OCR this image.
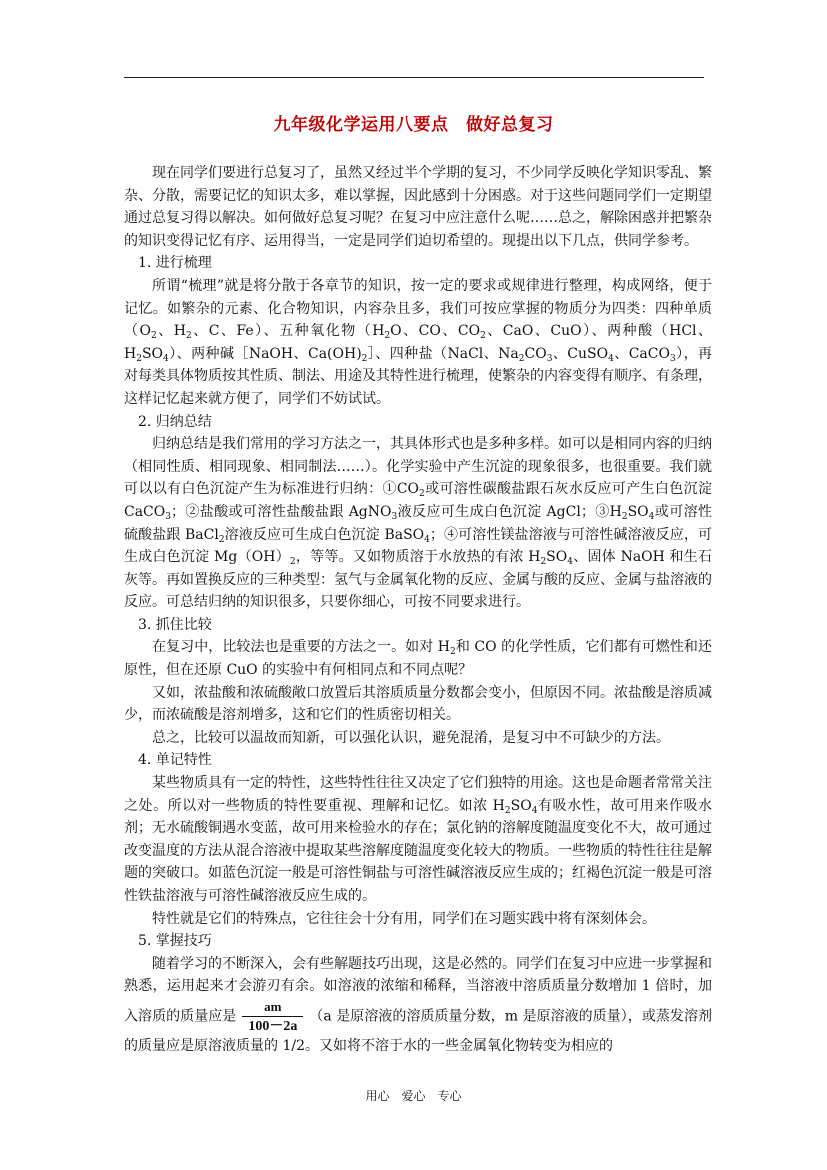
九年级化学运用八要点　做好总复习

现在同学们要进行总复习了，虽然又经过半个学期的复习，不少同学反映化学知识零乱、繁杂、分散，需要记忆的知识太多，难以掌握，因此感到十分困惑。对于这些问题同学们一定期望通过总复习得以解决。如何做好总复习呢？在复习中应注意什么呢……总之，解除困惑并把繁杂的知识变得记忆有序、运用得当，一定是同学们迫切希望的。现提出以下几点，供同学参考。

1. 进行梳理

所谓“梳理”就是将分散于各章节的知识，按一定的要求或规律进行整理，构成网络，便于记忆。如繁杂的元素、化合物知识，内容杂且多，我们可按应掌握的物质分为四类：四种单质（$O_2$、$H_2$、C、Fe）、五种氧化物（$H_2O$、CO、$CO_2$、CaO、CuO）、两种酸（HCl、$H_2SO_4$）、两种碱［NaOH、$Ca(OH)_2]$、四种盐（NaCl、$Na_2CO_3$、CuSO$_4$、CaCO$_3$），再对每类具体物质按其性质、制法、用途及其特性进行梳理，使繁杂的内容变得有顺序、有条理，这样记忆起来就方便了，同学们不妨试试。

2. 归纳总结

归纳总结是我们常用的学习方法之一，其具体形式也是多种多样。如可以是相同内容的归纳（相同性质、相同现象、相同制法……）。化学实验中产生沉淀的现象很多，也很重要。我们就可以以有白色沉淀产生为标准进行归纳：$①CO_2$或可溶性碳酸盐跟石灰水反应可产生白色沉淀 CaCO$_3$；②盐酸或可溶性盐酸盐跟 AgNO$_3$液反应可生成白色沉淀 AgCl；$③H_2SO_4$或可溶性硫酸盐跟 BaCl$_2$溶液反应可生成白色沉淀 BaSO$_4$；④可溶性镁盐溶液与可溶性碱溶液反应，可生成白色沉淀 $Mg(OH)_2$，等等。又如物质溶于水放热的有浓 $H_2SO_4$、固体 NaOH 和生石灰等。再如置换反应的三种类型：氢气与金属氧化物的反应、金属与酸的反应、金属与盐溶液的反应。可总结归纳的知识很多，只要你细心，可按不同要求进行。

3. 抓住比较

在复习中，比较法也是重要的方法之一。如对 $H_2$和 CO 的化学性质，它们都有可燃性和还原性，但在还原 CuO 的实验中有何相同点和不同点呢？

又如，浓盐酸和浓硫酸敞口放置后其溶质质量分数都会变小，但原因不同。浓盐酸是溶质减少，而浓硫酸是溶剂增多，这和它们的性质密切相关。

总之，比较可以温故而知新，可以强化认识，避免混淆，是复习中不可缺少的方法。

4. 单记特性

某些物质具有一定的特性，这些特性往往又决定了它们独特的用途。这也是命题者常常关注之处。所以对一些物质的特性要重视、理解和记忆。如浓 $H_2SO_4$有吸水性，故可用来作吸水剂；无水硫酸铜遇水变蓝，故可用来检验水的存在；氯化钠的溶解度随温度变化不大，故可通过改变温度的方法从混合溶液中提取某些溶解度随温度变化较大的物质。一些物质的特性往往是解题的突破口。如蓝色沉淀一般是可溶性铜盐与可溶性碱溶液反应生成的；红褐色沉淀一般是可溶性铁盐溶液与可溶性碱溶液反应生成的。

特性就是它们的特殊点，它往往会十分有用，同学们在习题实践中将有深刻体会。

5. 掌握技巧

随着学习的不断深入，会有些解题技巧出现，这是必然的。同学们在复习中应进一步掌握和熟悉，运用起来才会游刃有余。如溶液的浓缩和稀释，当溶液中溶质质量分数增加 1 倍时，加入溶质的质量应是 $\frac{am}{100-2a} (a$ 是原溶液的溶质质量分数，m 是原溶液的质量），或蒸发溶剂的质量应是原溶液质量的 1/2。又如将不溶于水的一些金属氧化物转变为相应的

用心　爱心　专心
